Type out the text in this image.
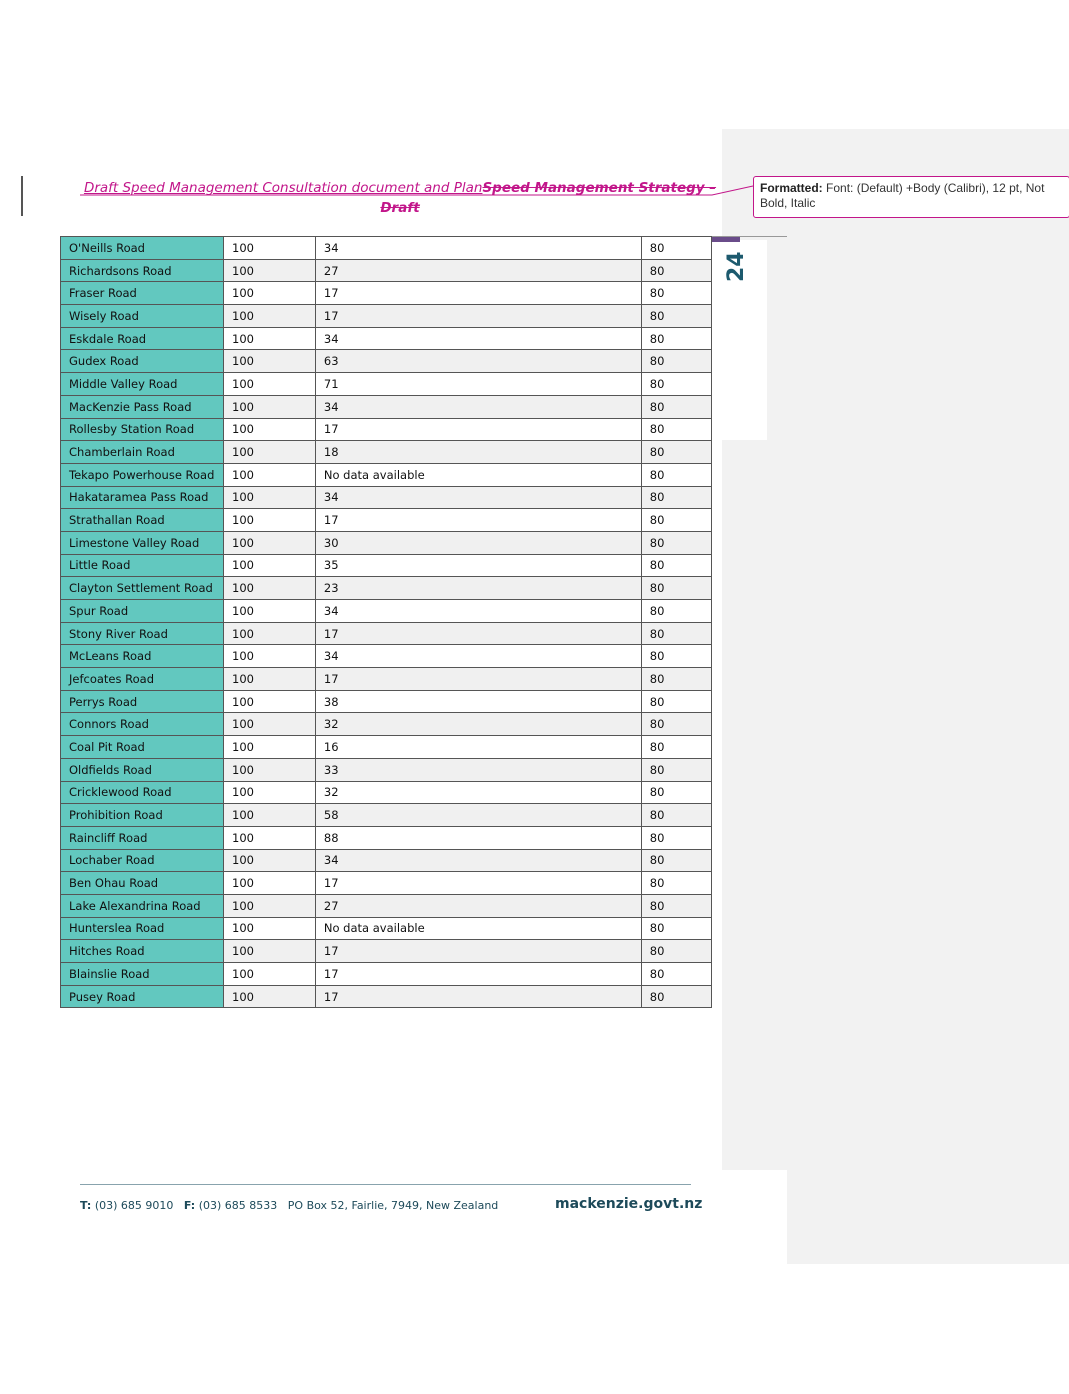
Draft Speed Management Consultation document and PlanSpeed Management Strategy –
Draft
Formatted: Font: (Default) +Body (Calibri), 12 pt, Not Bold, Italic
24
O'Neills Road	100	34	80
Richardsons Road	100	27	80
Fraser Road	100	17	80
Wisely Road	100	17	80
Eskdale Road	100	34	80
Gudex Road	100	63	80
Middle Valley Road	100	71	80
MacKenzie Pass Road	100	34	80
Rollesby Station Road	100	17	80
Chamberlain Road	100	18	80
Tekapo Powerhouse Road	100	No data available	80
Hakataramea Pass Road	100	34	80
Strathallan Road	100	17	80
Limestone Valley Road	100	30	80
Little Road	100	35	80
Clayton Settlement Road	100	23	80
Spur Road	100	34	80
Stony River Road	100	17	80
McLeans Road	100	34	80
Jefcoates Road	100	17	80
Perrys Road	100	38	80
Connors Road	100	32	80
Coal Pit Road	100	16	80
Oldfields Road	100	33	80
Cricklewood Road	100	32	80
Prohibition Road	100	58	80
Raincliff Road	100	88	80
Lochaber Road	100	34	80
Ben Ohau Road	100	17	80
Lake Alexandrina Road	100	27	80
Hunterslea Road	100	No data available	80
Hitches Road	100	17	80
Blainslie Road	100	17	80
Pusey Road	100	17	80
T: (03) 685 9010 F: (03) 685 8533 PO Box 52, Fairlie, 7949, New Zealand	mackenzie.govt.nz
